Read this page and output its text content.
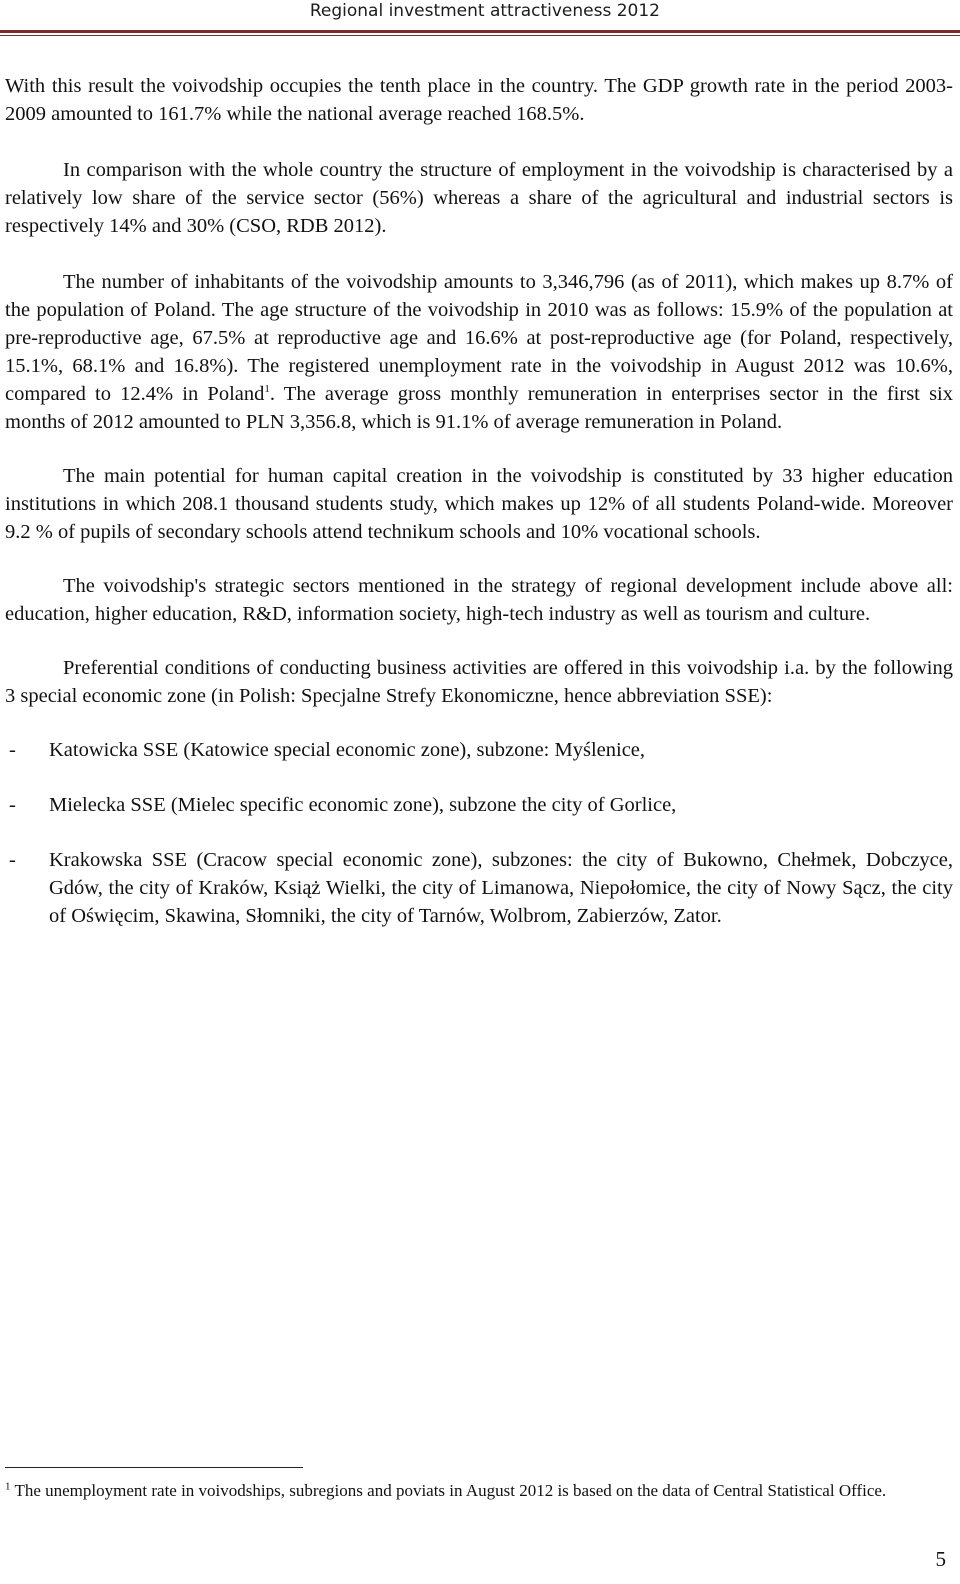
Regional investment attractiveness 2012

With this result the voivodship occupies the tenth place in the country. The GDP growth rate in the period 2003-2009 amounted to 161.7% while the national average reached 168.5%.

In comparison with the whole country the structure of employment in the voivodship is characterised by a relatively low share of the service sector (56%) whereas a share of the agricultural and industrial sectors is respectively 14% and 30% (CSO, RDB 2012).

The number of inhabitants of the voivodship amounts to 3,346,796 (as of 2011), which makes up 8.7% of the population of Poland. The age structure of the voivodship in 2010 was as follows: 15.9% of the population at pre-reproductive age, 67.5% at reproductive age and 16.6% at post-reproductive age (for Poland, respectively, 15.1%, 68.1% and 16.8%). The registered unemployment rate in the voivodship in August 2012 was 10.6%, compared to 12.4% in Poland$^1$. The average gross monthly remuneration in enterprises sector in the first six months of 2012 amounted to PLN 3,356.8, which is 91.1% of average remuneration in Poland.

The main potential for human capital creation in the voivodship is constituted by 33 higher education institutions in which 208.1 thousand students study, which makes up 12% of all students Poland-wide. Moreover 9.2 % of pupils of secondary schools attend technikum schools and 10% vocational schools.

The voivodship's strategic sectors mentioned in the strategy of regional development include above all: education, higher education, R&D, information society, high-tech industry as well as tourism and culture.

Preferential conditions of conducting business activities are offered in this voivodship i.a. by the following 3 special economic zone (in Polish: Specjalne Strefy Ekonomiczne, hence abbreviation SSE):

- Katowicka SSE (Katowice special economic zone), subzone: Myślenice,
- Mielecka SSE (Mielec specific economic zone), subzone the city of Gorlice,
- Krakowska SSE (Cracow special economic zone), subzones: the city of Bukowno, Chełmek, Dobczyce, Gdów, the city of Kraków, Książ Wielki, the city of Limanowa, Niepołomice, the city of Nowy Sącz, the city of Oświęcim, Skawina, Słomniki, the city of Tarnów, Wolbrom, Zabierzów, Zator.
$^1$ The unemployment rate in voivodships, subregions and poviats in August 2012 is based on the data of Central Statistical Office.
5
